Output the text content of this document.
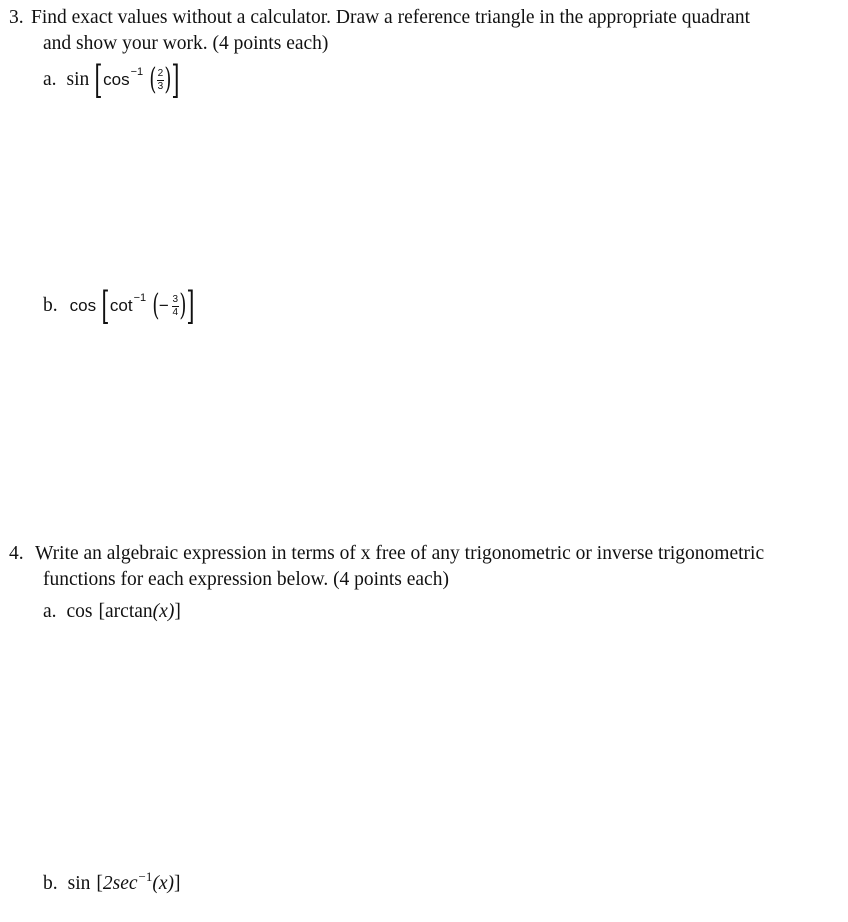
3. Find exact values without a calculator. Draw a reference triangle in the appropriate quadrant
and show your work. (4 points each)
a. sin [ $\cos^{-1}$ ( $\frac{2}{3}$ ) ]
b. cos [ $\cot^{-1}$ ( − $\frac{3}{4}$ ) ]
4. Write an algebraic expression in terms of x free of any trigonometric or inverse trigonometric
functions for each expression below. (4 points each)
a. cos [ arctan (x) ]
b. sin [ 2 $\sec^{-1} (x)$ ]
